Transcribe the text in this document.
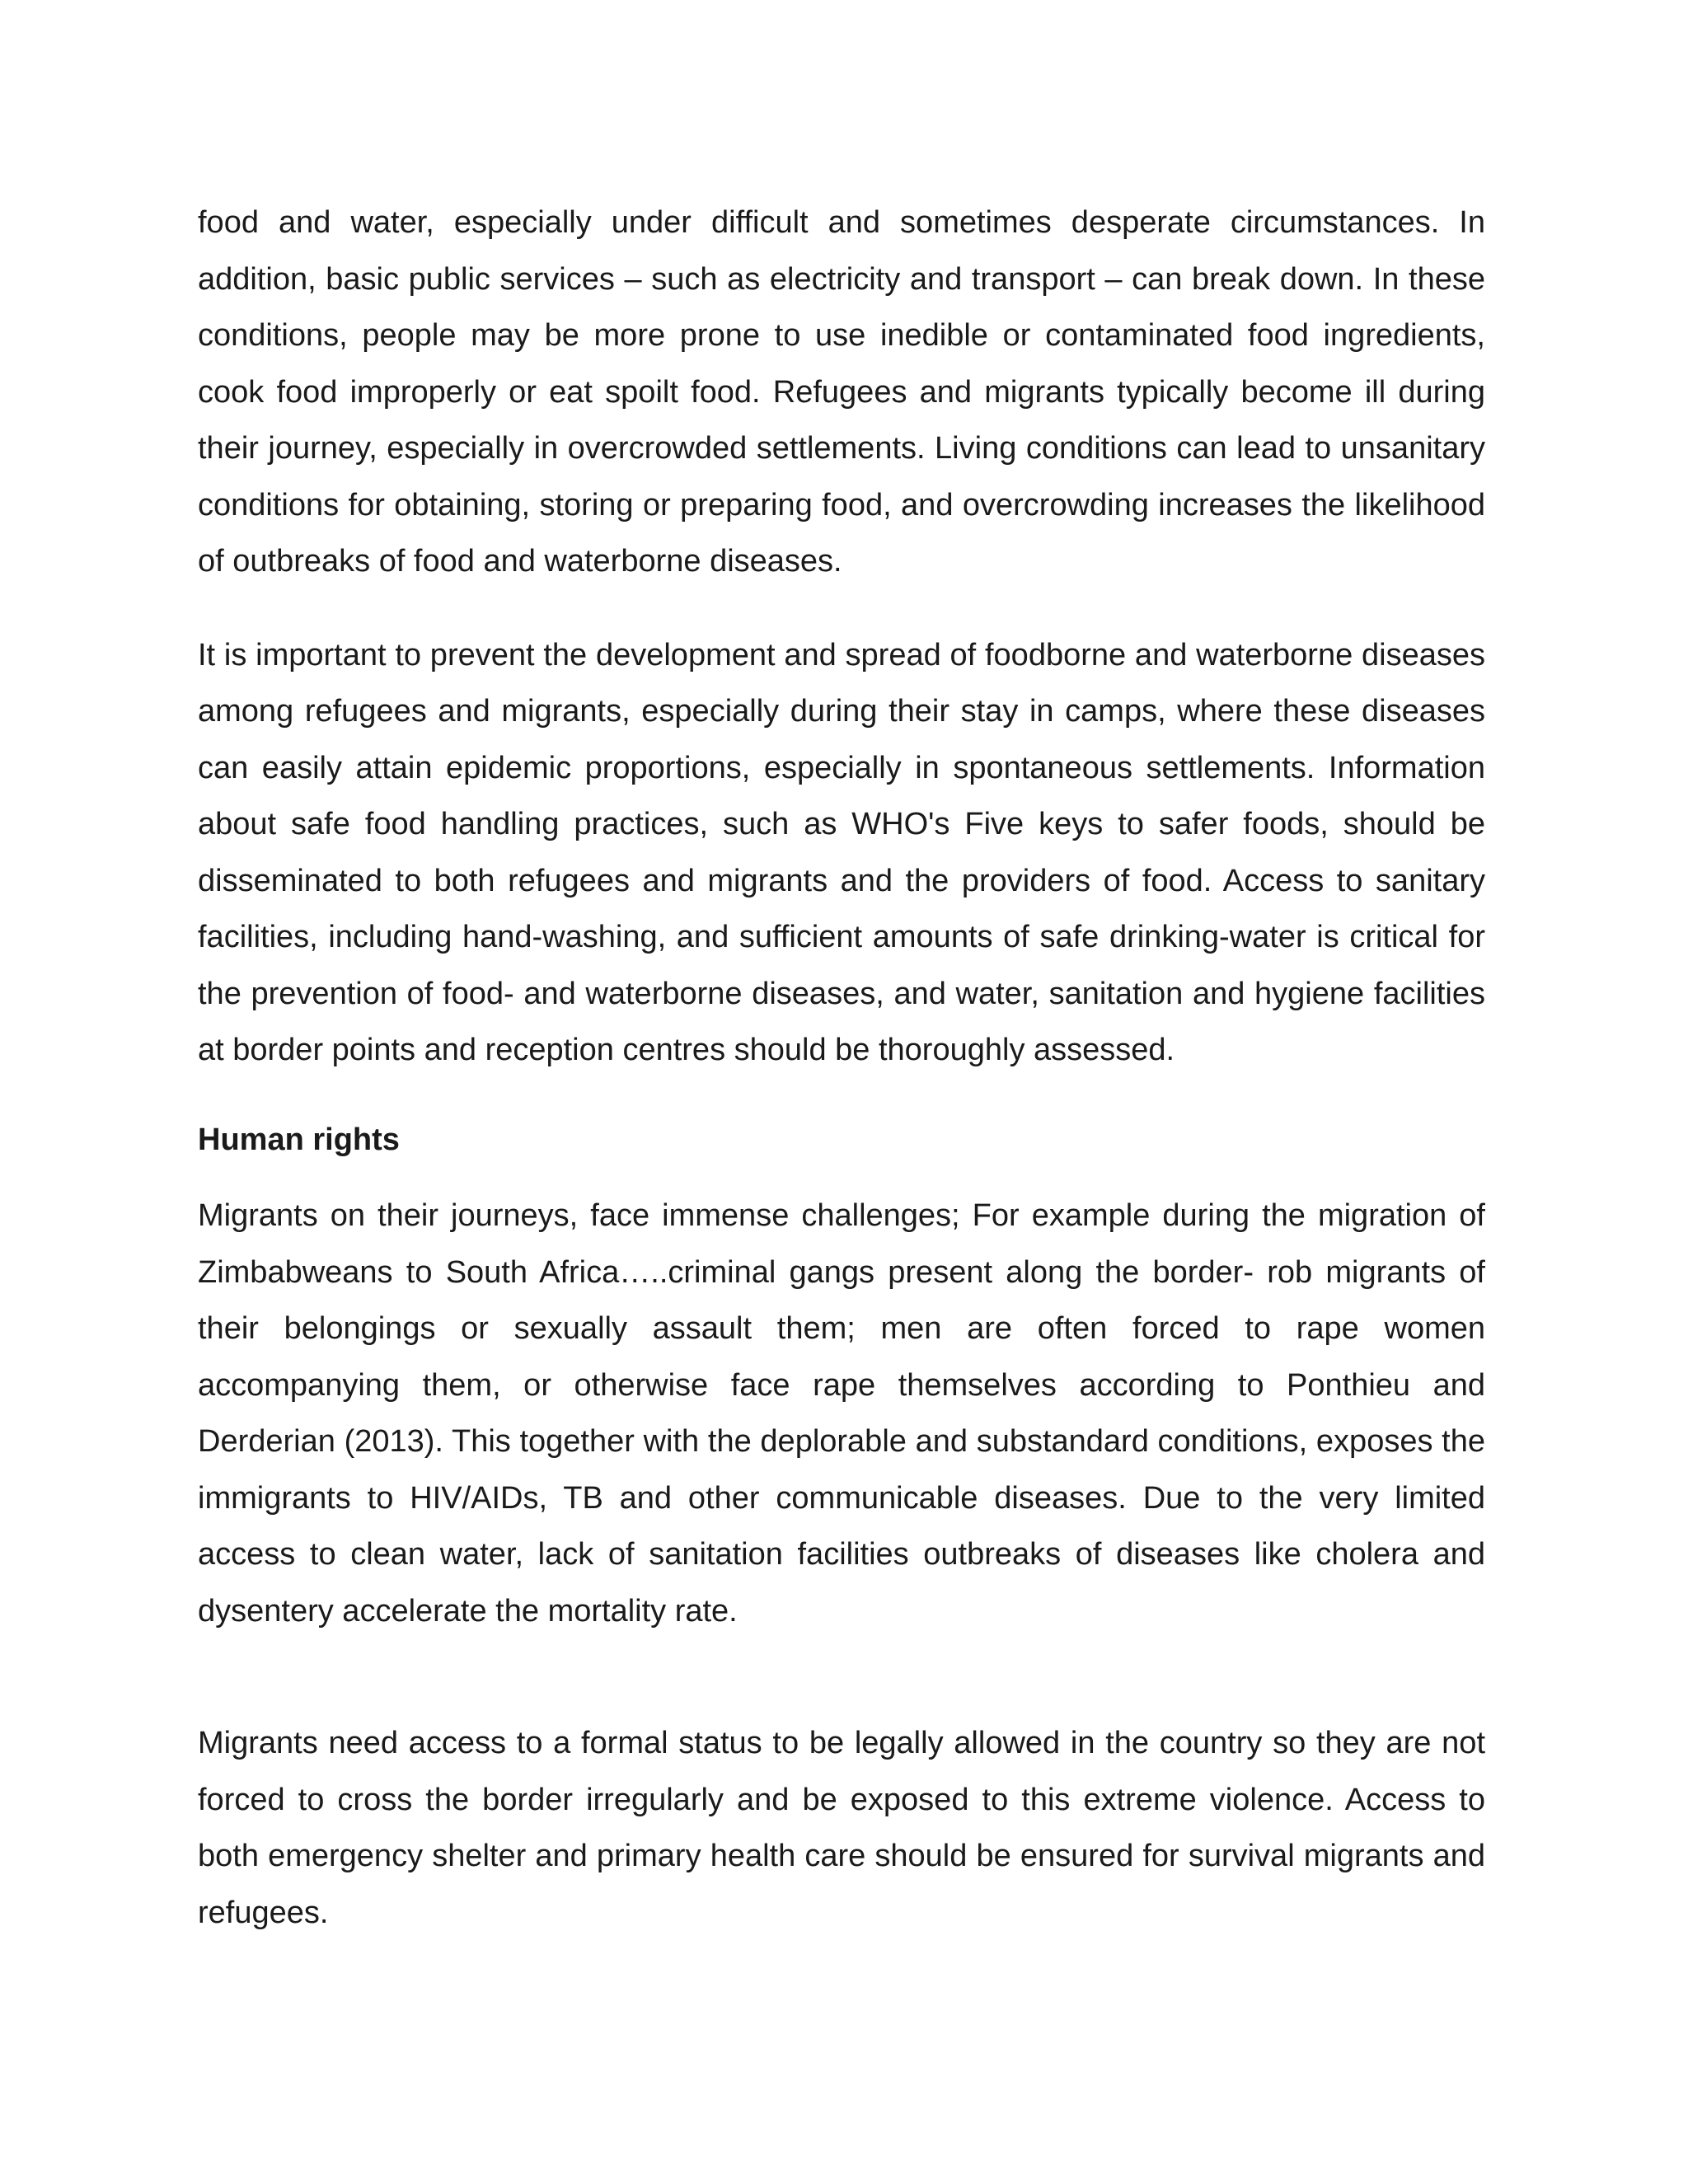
food and water, especially under difficult and sometimes desperate circumstances. In addition, basic public services – such as electricity and transport – can break down. In these conditions, people may be more prone to use inedible or contaminated food ingredients, cook food improperly or eat spoilt food. Refugees and migrants typically become ill during their journey, especially in overcrowded settlements. Living conditions can lead to unsanitary conditions for obtaining, storing or preparing food, and overcrowding increases the likelihood of outbreaks of food and waterborne diseases.

It is important to prevent the development and spread of foodborne and waterborne diseases among refugees and migrants, especially during their stay in camps, where these diseases can easily attain epidemic proportions, especially in spontaneous settlements. Information about safe food handling practices, such as WHO's Five keys to safer foods, should be disseminated to both refugees and migrants and the providers of food. Access to sanitary facilities, including hand-washing, and sufficient amounts of safe drinking-water is critical for the prevention of food- and waterborne diseases, and water, sanitation and hygiene facilities at border points and reception centres should be thoroughly assessed.

Human rights

Migrants on their journeys, face immense challenges; For example during the migration of Zimbabweans to South Africa…..criminal gangs present along the border- rob migrants of their belongings or sexually assault them; men are often forced to rape women accompanying them, or otherwise face rape themselves according to Ponthieu and Derderian (2013). This together with the deplorable and substandard conditions, exposes the immigrants to HIV/AIDs, TB and other communicable diseases. Due to the very limited access to clean water, lack of sanitation facilities outbreaks of diseases like cholera and dysentery accelerate the mortality rate.

Migrants need access to a formal status to be legally allowed in the country so they are not forced to cross the border irregularly and be exposed to this extreme violence. Access to both emergency shelter and primary health care should be ensured for survival migrants and refugees.
